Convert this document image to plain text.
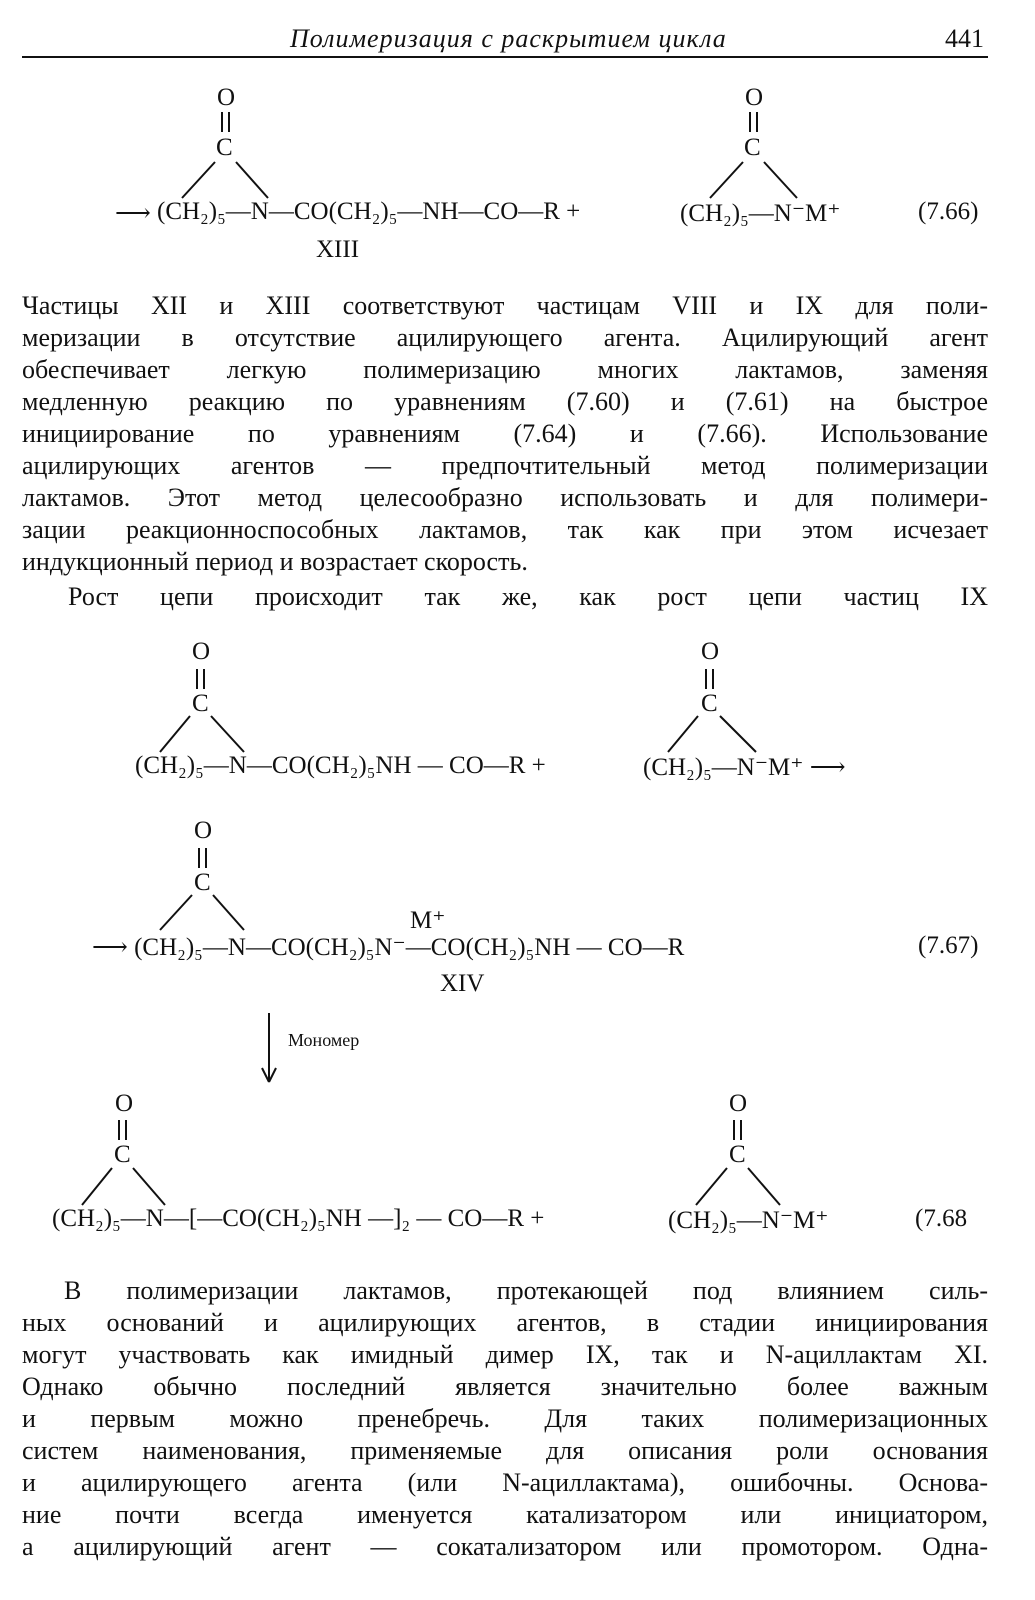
Полимеризация с раскрытием цикла	441
O
C
⟶ (CH₂)₅—N—CO(CH₂)₅—NH—CO—R +
O
C
(CH₂)₅—N⁻M⁺	(7.66)
XIII
Частицы XII и XIII соответствуют частицам VIII и IX для поли-
меризации в отсутствие ацилирующего агента. Ацилирующий агент
обеспечивает легкую полимеризацию многих лактамов, заменяя
медленную реакцию по уравнениям (7.60) и (7.61) на быстрое
инициирование по уравнениям (7.64) и (7.66). Использование
ацилирующих агентов — предпочтительный метод полимеризации
лактамов. Этот метод целесообразно использовать и для полимери-
зации реакционноспособных лактамов, так как при этом исчезает
индукционный период и возрастает скорость.
Рост цепи происходит так же, как рост цепи частиц IX
O
C
(CH₂)₅—N—CO(CH₂)₅NH — CO—R +
O
C
(CH₂)₅—N⁻M⁺ ⟶
O
C
M⁺
⟶ (CH₂)₅—N—CO(CH₂)₅N⁻—CO(CH₂)₅NH — CO—R	(7.67)
XIV
Мономер
O
C
(CH₂)₅—N—[—CO(CH₂)₅NH —]₂ — CO—R +
O
C
(CH₂)₅—N⁻M⁺	(7.68
В полимеризации лактамов, протекающей под влиянием силь-
ных оснований и ацилирующих агентов, в стадии инициирования
могут участвовать как имидный димер IX, так и N-ациллактам XI.
Однако обычно последний является значительно более важным
и первым можно пренебречь. Для таких полимеризационных
систем наименования, применяемые для описания роли основания
и ацилирующего агента (или N-ациллактама), ошибочны. Основа-
ние почти всегда именуется катализатором или инициатором,
а ацилирующий агент — сокатализатором или промотором. Одна-
